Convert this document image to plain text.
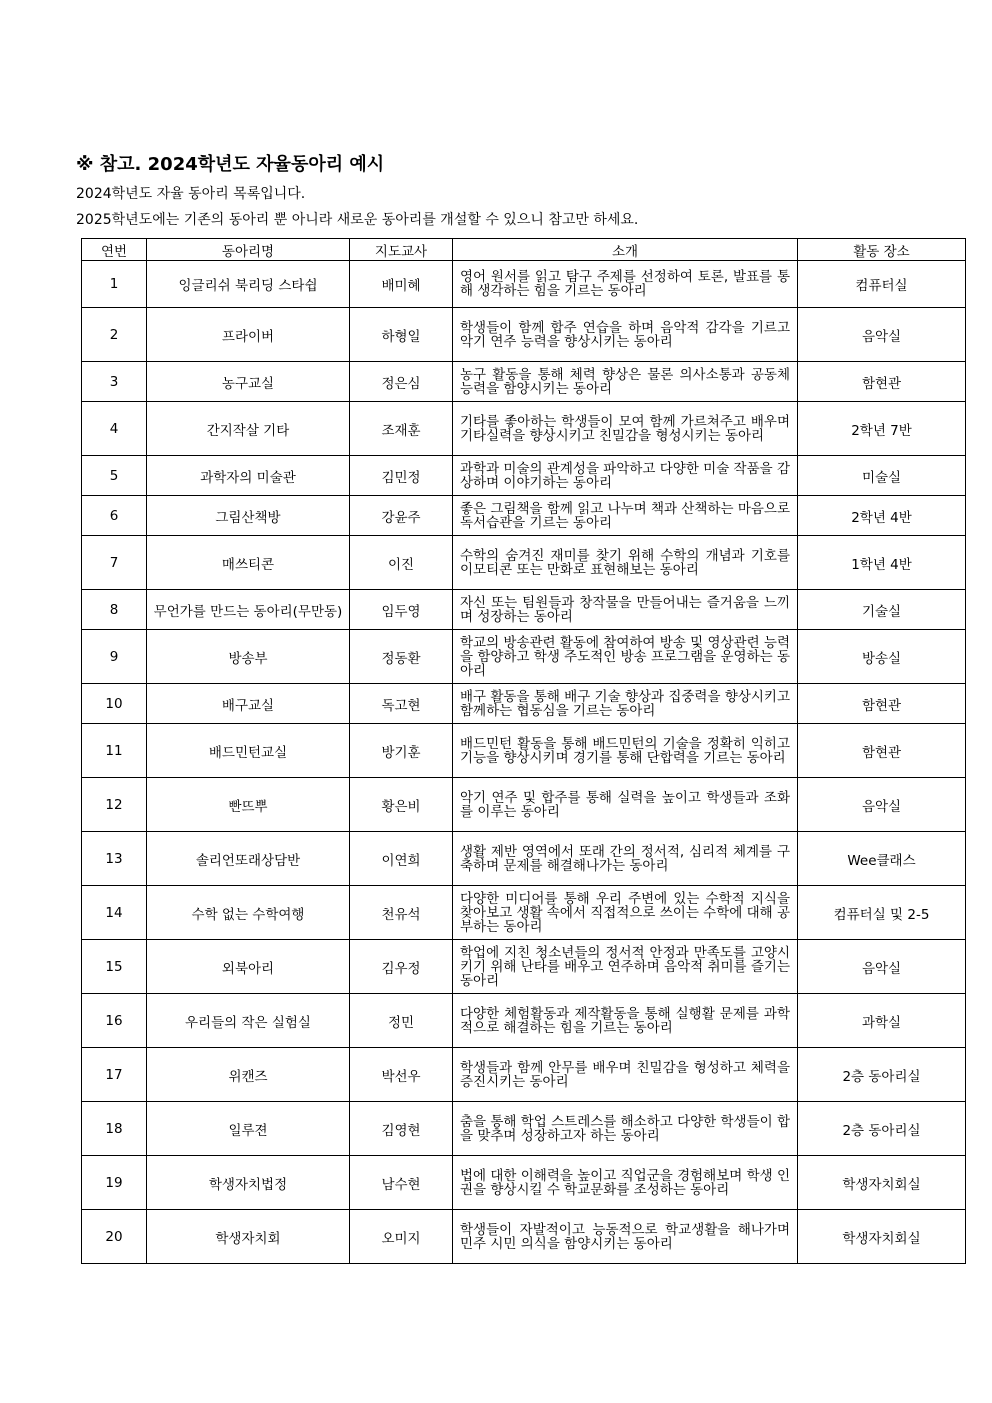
※ 참고. 2024학년도 자율동아리 예시
2024학년도 자율 동아리 목록입니다.
2025학년도에는 기존의 동아리 뿐 아니라 새로운 동아리를 개설할 수 있으니 참고만 하세요.
연번	동아리명	지도교사	소개	활동 장소
1	잉글리쉬 북리딩 스타쉽	배미혜	영어 원서를 읽고 탐구 주제를 선정하여 토론, 발표를 통해 생각하는 힘을 기르는 동아리	컴퓨터실
2	프라이버	하형일	학생들이 함께 합주 연습을 하며 음악적 감각을 기르고 악기 연주 능력을 향상시키는 동아리	음악실
3	농구교실	정은심	농구 활동을 통해 체력 향상은 물론 의사소통과 공동체 능력을 함양시키는 동아리	함현관
4	간지작살 기타	조재훈	기타를 좋아하는 학생들이 모여 함께 가르쳐주고 배우며 기타실력을 향상시키고 친밀감을 형성시키는 동아리	2학년 7반
5	과학자의 미술관	김민정	과학과 미술의 관계성을 파악하고 다양한 미술 작품을 감상하며 이야기하는 동아리	미술실
6	그림산책방	강윤주	좋은 그림책을 함께 읽고 나누며 책과 산책하는 마음으로 독서습관을 기르는 동아리	2학년 4반
7	매쓰티콘	이진	수학의 숨겨진 재미를 찾기 위해 수학의 개념과 기호를 이모티콘 또는 만화로 표현해보는 동아리	1학년 4반
8	무언가를 만드는 동아리(무만동)	임두영	자신 또는 팀원들과 창작물을 만들어내는 즐거움을 느끼며 성장하는 동아리	기술실
9	방송부	정동환	학교의 방송관련 활동에 참여하여 방송 및 영상관련 능력을 함양하고 학생 주도적인 방송 프로그램을 운영하는 동아리	방송실
10	배구교실	독고현	배구 활동을 통해 배구 기술 향상과 집중력을 향상시키고 함께하는 협동심을 기르는 동아리	함현관
11	배드민턴교실	방기훈	배드민턴 활동을 통해 배드민턴의 기술을 정확히 익히고 기능을 향상시키며 경기를 통해 단합력을 기르는 동아리	함현관
12	빤뜨뿌	황은비	악기 연주 및 합주를 통해 실력을 높이고 학생들과 조화를 이루는 동아리	음악실
13	솔리언또래상담반	이연희	생활 제반 영역에서 또래 간의 정서적, 심리적 체계를 구축하며 문제를 해결해나가는 동아리	Wee클래스
14	수학 없는 수학여행	천유석	다양한 미디어를 통해 우리 주변에 있는 수학적 지식을 찾아보고 생활 속에서 직접적으로 쓰이는 수학에 대해 공부하는 동아리	컴퓨터실 및 2-5
15	외북아리	김우정	학업에 지친 청소년들의 정서적 안정과 만족도를 고양시키기 위해 난타를 배우고 연주하며 음악적 취미를 즐기는 동아리	음악실
16	우리들의 작은 실험실	정민	다양한 체험활동과 제작활동을 통해 실행활 문제를 과학적으로 해결하는 힘을 기르는 동아리	과학실
17	위캔즈	박선우	학생들과 함께 안무를 배우며 친밀감을 형성하고 체력을 증진시키는 동아리	2층 동아리실
18	일루젼	김영현	춤을 통해 학업 스트레스를 해소하고 다양한 학생들이 합을 맞추며 성장하고자 하는 동아리	2층 동아리실
19	학생자치법정	남수현	법에 대한 이해력을 높이고 직업군을 경험해보며 학생 인권을 향상시킬 수 학교문화를 조성하는 동아리	학생자치회실
20	학생자치회	오미지	학생들이 자발적이고 능동적으로 학교생활을 해나가며 민주 시민 의식을 함양시키는 동아리	학생자치회실
